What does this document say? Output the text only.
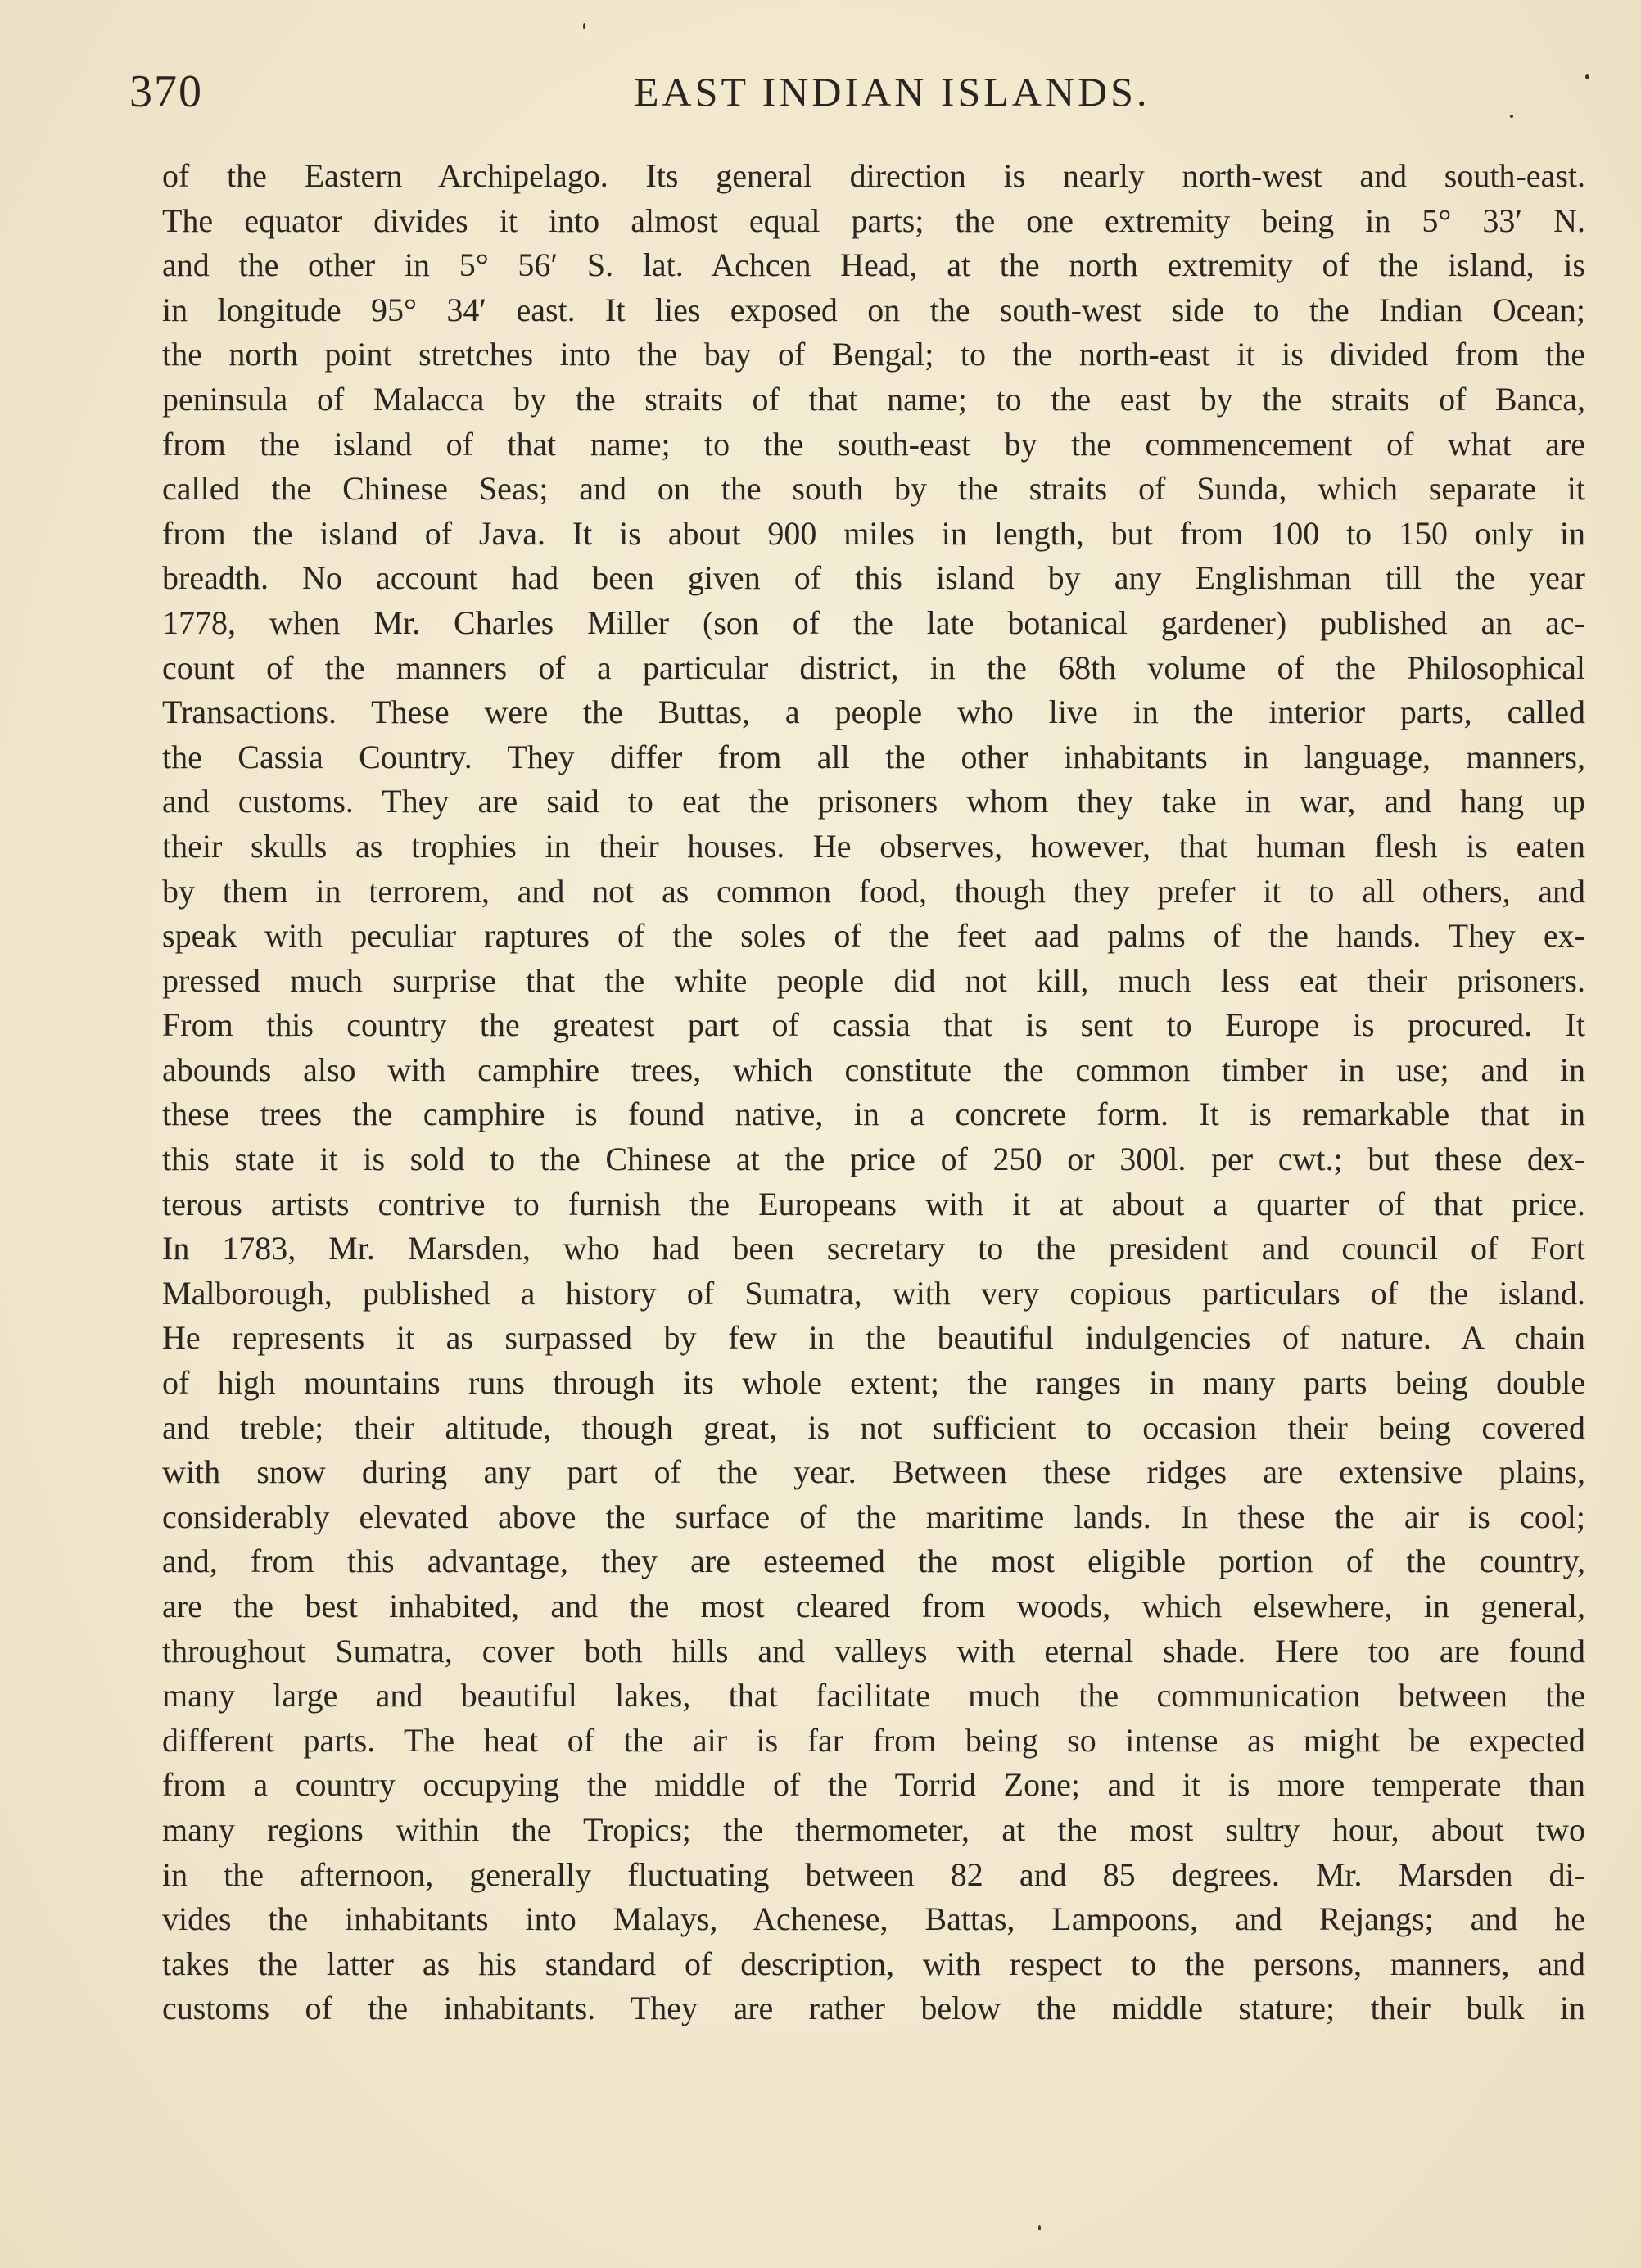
370	EAST INDIAN ISLANDS.
of the Eastern Archipelago. Its general direction is nearly north-west and south-east.
The equator divides it into almost equal parts; the one extremity being in 5° 33′ N.
and the other in 5° 56′ S. lat. Achcen Head, at the north extremity of the island, is
in longitude 95° 34′ east. It lies exposed on the south-west side to the Indian Ocean;
the north point stretches into the bay of Bengal; to the north-east it is divided from the
peninsula of Malacca by the straits of that name; to the east by the straits of Banca,
from the island of that name; to the south-east by the commencement of what are
called the Chinese Seas; and on the south by the straits of Sunda, which separate it
from the island of Java. It is about 900 miles in length, but from 100 to 150 only in
breadth. No account had been given of this island by any Englishman till the year
1778, when Mr. Charles Miller (son of the late botanical gardener) published an ac-
count of the manners of a particular district, in the 68th volume of the Philosophical
Transactions. These were the Buttas, a people who live in the interior parts, called
the Cassia Country. They differ from all the other inhabitants in language, manners,
and customs. They are said to eat the prisoners whom they take in war, and hang up
their skulls as trophies in their houses. He observes, however, that human flesh is eaten
by them in terrorem, and not as common food, though they prefer it to all others, and
speak with peculiar raptures of the soles of the feet aad palms of the hands. They ex-
pressed much surprise that the white people did not kill, much less eat their prisoners.
From this country the greatest part of cassia that is sent to Europe is procured. It
abounds also with camphire trees, which constitute the common timber in use; and in
these trees the camphire is found native, in a concrete form. It is remarkable that in
this state it is sold to the Chinese at the price of 250 or 300l. per cwt.; but these dex-
terous artists contrive to furnish the Europeans with it at about a quarter of that price.
In 1783, Mr. Marsden, who had been secretary to the president and council of Fort
Malborough, published a history of Sumatra, with very copious particulars of the island.
He represents it as surpassed by few in the beautiful indulgencies of nature. A chain
of high mountains runs through its whole extent; the ranges in many parts being double
and treble; their altitude, though great, is not sufficient to occasion their being covered
with snow during any part of the year. Between these ridges are extensive plains,
considerably elevated above the surface of the maritime lands. In these the air is cool;
and, from this advantage, they are esteemed the most eligible portion of the country,
are the best inhabited, and the most cleared from woods, which elsewhere, in general,
throughout Sumatra, cover both hills and valleys with eternal shade. Here too are found
many large and beautiful lakes, that facilitate much the communication between the
different parts. The heat of the air is far from being so intense as might be expected
from a country occupying the middle of the Torrid Zone; and it is more temperate than
many regions within the Tropics; the thermometer, at the most sultry hour, about two
in the afternoon, generally fluctuating between 82 and 85 degrees. Mr. Marsden di-
vides the inhabitants into Malays, Achenese, Battas, Lampoons, and Rejangs; and he
takes the latter as his standard of description, with respect to the persons, manners, and
customs of the inhabitants. They are rather below the middle stature; their bulk in
